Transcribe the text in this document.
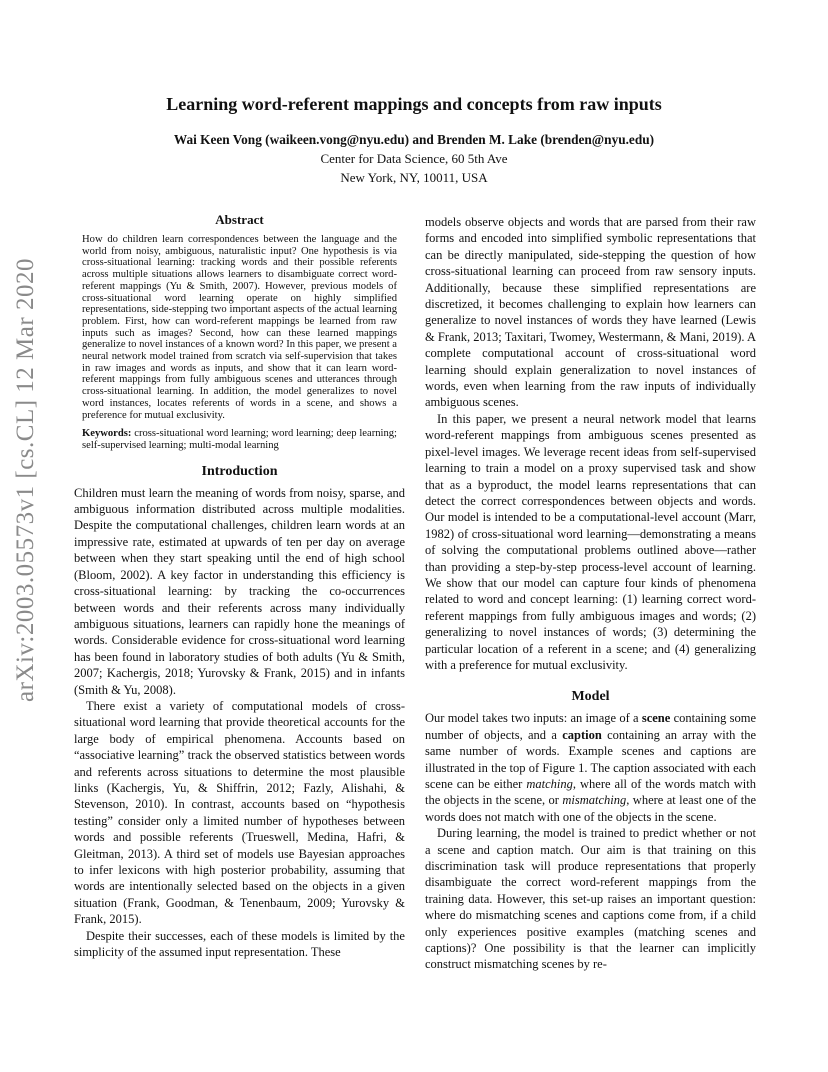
arXiv:2003.05573v1 [cs.CL] 12 Mar 2020
Learning word-referent mappings and concepts from raw inputs
Wai Keen Vong (waikeen.vong@nyu.edu) and Brenden M. Lake (brenden@nyu.edu)
Center for Data Science, 60 5th Ave
New York, NY, 10011, USA
Abstract
How do children learn correspondences between the language and the world from noisy, ambiguous, naturalistic input? One hypothesis is via cross-situational learning: tracking words and their possible referents across multiple situations allows learners to disambiguate correct word-referent mappings (Yu & Smith, 2007). However, previous models of cross-situational word learning operate on highly simplified representations, side-stepping two important aspects of the actual learning problem. First, how can word-referent mappings be learned from raw inputs such as images? Second, how can these learned mappings generalize to novel instances of a known word? In this paper, we present a neural network model trained from scratch via self-supervision that takes in raw images and words as inputs, and show that it can learn word-referent mappings from fully ambiguous scenes and utterances through cross-situational learning. In addition, the model generalizes to novel word instances, locates referents of words in a scene, and shows a preference for mutual exclusivity.
Keywords: cross-situational word learning; word learning; deep learning; self-supervised learning; multi-modal learning
Introduction

Children must learn the meaning of words from noisy, sparse, and ambiguous information distributed across multiple modalities. Despite the computational challenges, children learn words at an impressive rate, estimated at upwards of ten per day on average between when they start speaking until the end of high school (Bloom, 2002). A key factor in understanding this efficiency is cross-situational learning: by tracking the co-occurrences between words and their referents across many individually ambiguous situations, learners can rapidly hone the meanings of words. Considerable evidence for cross-situational word learning has been found in laboratory studies of both adults (Yu & Smith, 2007; Kachergis, 2018; Yurovsky & Frank, 2015) and in infants (Smith & Yu, 2008).

There exist a variety of computational models of cross-situational word learning that provide theoretical accounts for the large body of empirical phenomena. Accounts based on “associative learning” track the observed statistics between words and referents across situations to determine the most plausible links (Kachergis, Yu, & Shiffrin, 2012; Fazly, Alishahi, & Stevenson, 2010). In contrast, accounts based on “hypothesis testing” consider only a limited number of hypotheses between words and possible referents (Trueswell, Medina, Hafri, & Gleitman, 2013). A third set of models use Bayesian approaches to infer lexicons with high posterior probability, assuming that words are intentionally selected based on the objects in a given situation (Frank, Goodman, & Tenenbaum, 2009; Yurovsky & Frank, 2015).

Despite their successes, each of these models is limited by the simplicity of the assumed input representation. These

models observe objects and words that are parsed from their raw forms and encoded into simplified symbolic representations that can be directly manipulated, side-stepping the question of how cross-situational learning can proceed from raw sensory inputs. Additionally, because these simplified representations are discretized, it becomes challenging to explain how learners can generalize to novel instances of words they have learned (Lewis & Frank, 2013; Taxitari, Twomey, Westermann, & Mani, 2019). A complete computational account of cross-situational word learning should explain generalization to novel instances of words, even when learning from the raw inputs of individually ambiguous scenes.

In this paper, we present a neural network model that learns word-referent mappings from ambiguous scenes presented as pixel-level images. We leverage recent ideas from self-supervised learning to train a model on a proxy supervised task and show that as a byproduct, the model learns representations that can detect the correct correspondences between objects and words. Our model is intended to be a computational-level account (Marr, 1982) of cross-situational word learning—demonstrating a means of solving the computational problems outlined above—rather than providing a step-by-step process-level account of learning. We show that our model can capture four kinds of phenomena related to word and concept learning: (1) learning correct word-referent mappings from fully ambiguous images and words; (2) generalizing to novel instances of words; (3) determining the particular location of a referent in a scene; and (4) generalizing with a preference for mutual exclusivity.

Model

Our model takes two inputs: an image of a scene containing some number of objects, and a caption containing an array with the same number of words. Example scenes and captions are illustrated in the top of Figure 1. The caption associated with each scene can be either matching, where all of the words match with the objects in the scene, or mismatching, where at least one of the words does not match with one of the objects in the scene.

During learning, the model is trained to predict whether or not a scene and caption match. Our aim is that training on this discrimination task will produce representations that properly disambiguate the correct word-referent mappings from the training data. However, this set-up raises an important question: where do mismatching scenes and captions come from, if a child only experiences positive examples (matching scenes and captions)? One possibility is that the learner can implicitly construct mismatching scenes by re-
